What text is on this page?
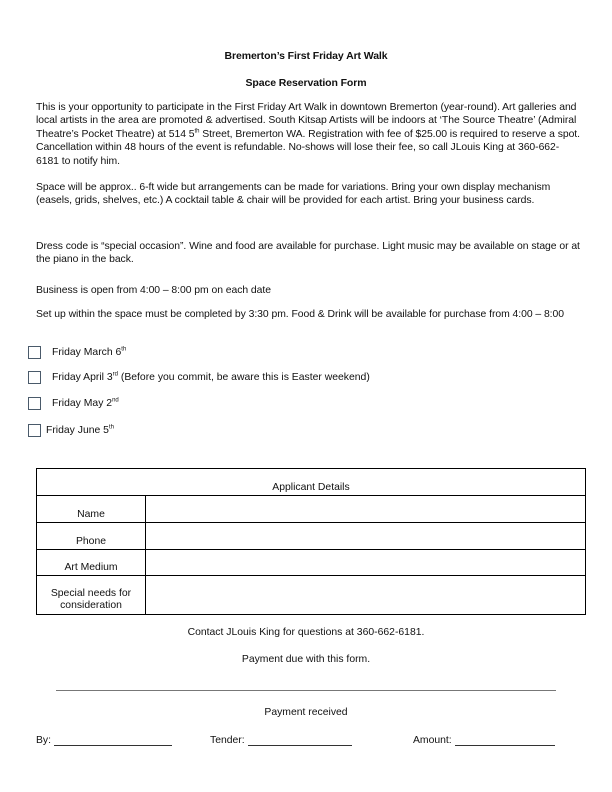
Bremerton’s First Friday Art Walk
Space Reservation Form
This is your opportunity to participate in the First Friday Art Walk in downtown Bremerton (year-round). Art galleries and local artists in the area are promoted & advertised. South Kitsap Artists will be indoors at ‘The Source Theatre’ (Admiral Theatre’s Pocket Theatre) at 514 5th Street, Bremerton WA. Registration with fee of $25.00 is required to reserve a spot. Cancellation within 48 hours of the event is refundable. No-shows will lose their fee, so call JLouis King at 360-662-6181 to notify him.
Space will be approx.. 6-ft wide but arrangements can be made for variations. Bring your own display mechanism (easels, grids, shelves, etc.) A cocktail table & chair will be provided for each artist. Bring your business cards.
Dress code is “special occasion”. Wine and food are available for purchase. Light music may be available on stage or at the piano in the back.
Business is open from 4:00 – 8:00 pm on each date
Set up within the space must be completed by 3:30 pm. Food & Drink will be available for purchase from 4:00 – 8:00
Friday March 6th
Friday April 3rd (Before you commit, be aware this is Easter weekend)
Friday May 2nd
Friday June 5th
Applicant Details
Name
Phone
Art Medium
Special needs for consideration
Contact JLouis King for questions at 360-662-6181.
Payment due with this form.
Payment received
By:	Tender:	Amount:
